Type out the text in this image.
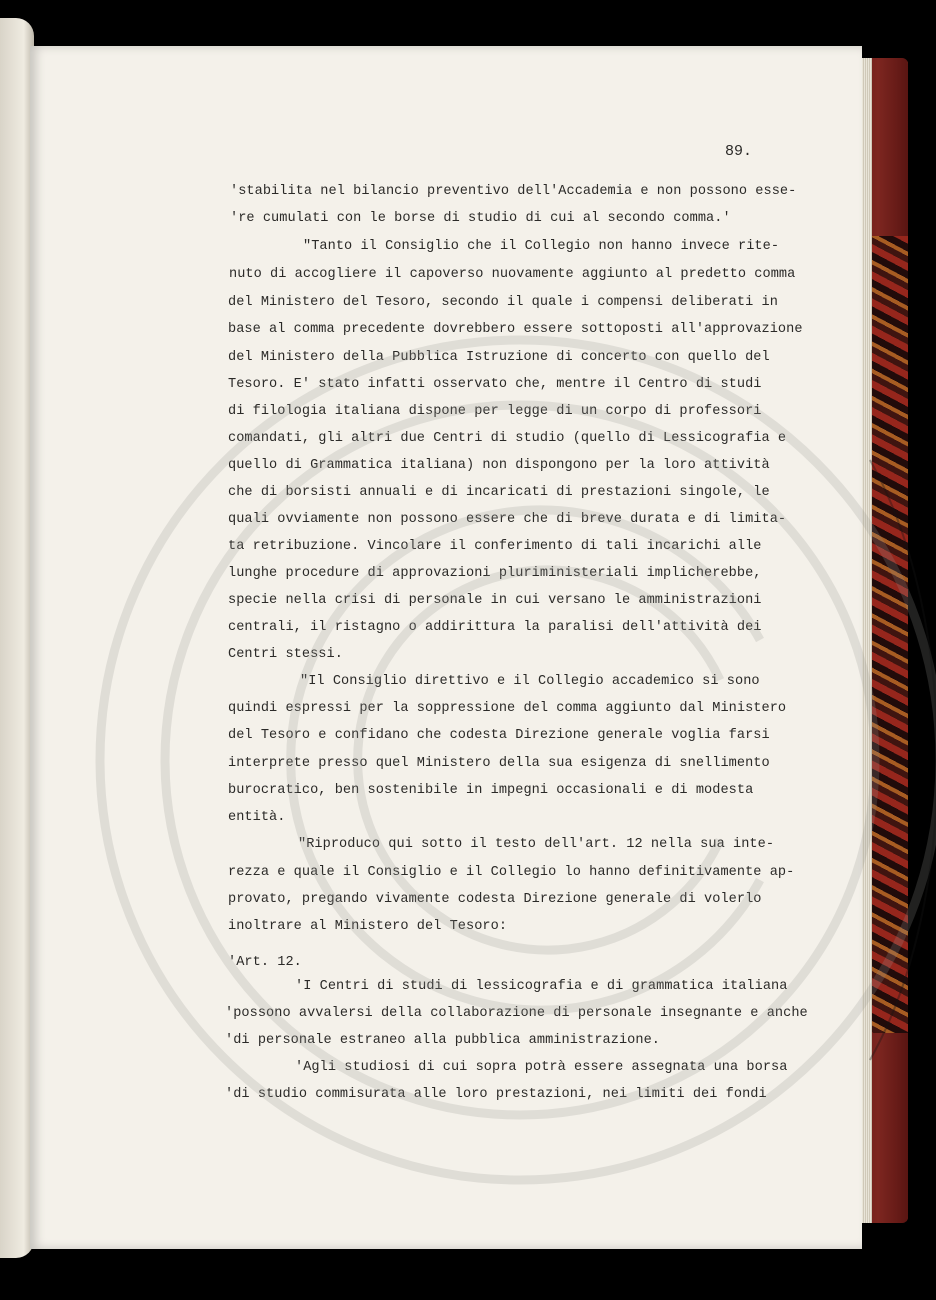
89.

'stabilita nel bilancio preventivo dell'Accademia e non possono esse-

're cumulati con le borse di studio di cui al secondo comma.'

"Tanto il Consiglio che il Collegio non hanno invece rite-

nuto di accogliere il capoverso nuovamente aggiunto al predetto comma

del Ministero del Tesoro, secondo il quale i compensi deliberati in

base al comma precedente dovrebbero essere sottoposti all'approvazione

del Ministero della Pubblica Istruzione di concerto con quello del

Tesoro. E' stato infatti osservato che, mentre il Centro di studi

di filologia italiana dispone per legge di un corpo di professori

comandati, gli altri due Centri di studio (quello di Lessicografia e

quello di Grammatica italiana) non dispongono per la loro attività

che di borsisti annuali e di incaricati di prestazioni singole, le

quali ovviamente non possono essere che di breve durata e di limita-

ta retribuzione. Vincolare il conferimento di tali incarichi alle

lunghe procedure di approvazioni pluriministeriali implicherebbe,

specie nella crisi di personale in cui versano le amministrazioni

centrali, il ristagno o addirittura la paralisi dell'attività dei

Centri stessi.

"Il Consiglio direttivo e il Collegio accademico si sono

quindi espressi per la soppressione del comma aggiunto dal Ministero

del Tesoro e confidano che codesta Direzione generale voglia farsi

interprete presso quel Ministero della sua esigenza di snellimento

burocratico, ben sostenibile in impegni occasionali e di modesta

entità.

"Riproduco qui sotto il testo dell'art. 12 nella sua inte-

rezza e quale il Consiglio e il Collegio lo hanno definitivamente ap-

provato, pregando vivamente codesta Direzione generale di volerlo

inoltrare al Ministero del Tesoro:

'Art. 12.

'I Centri di studi di lessicografia e di grammatica italiana

'possono avvalersi della collaborazione di personale insegnante e anche

'di personale estraneo alla pubblica amministrazione.

'Agli studiosi di cui sopra potrà essere assegnata una borsa

'di studio commisurata alle loro prestazioni, nei limiti dei fondi
